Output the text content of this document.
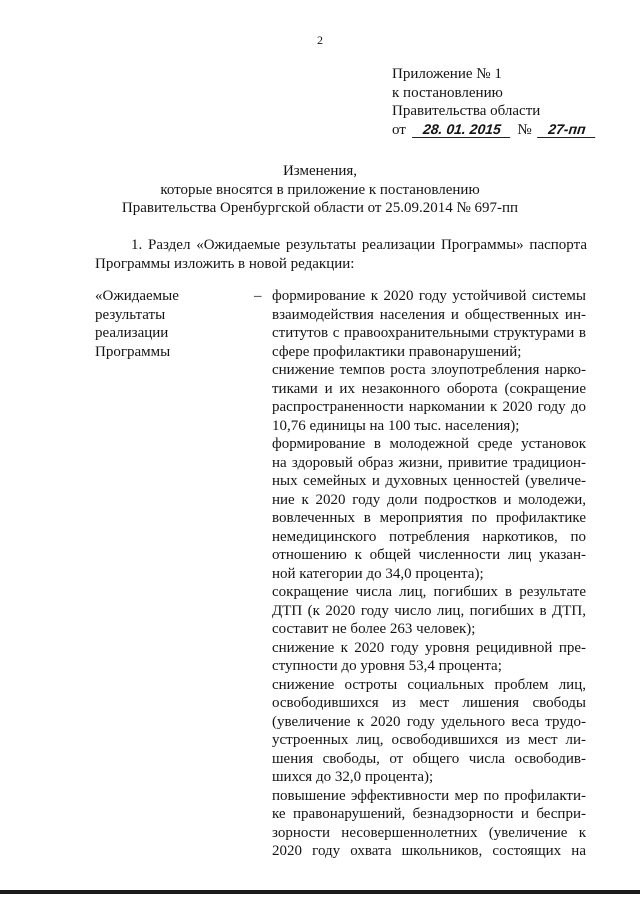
2
Приложение № 1
к постановлению
Правительства области
от 28. 01. 2015 № 27-пп
Изменения,
которые вносятся в приложение к постановлению
Правительства Оренбургской области от 25.09.2014 № 697-пп
1. Раздел «Ожидаемые результаты реализации Программы» паспорта
Программы изложить в новой редакции:
«Ожидаемые
результаты
реализации
Программы
– формирование к 2020 году устойчивой системы
взаимодействия населения и общественных ин-
ститутов с правоохранительными структурами в
сфере профилактики правонарушений;
снижение темпов роста злоупотребления нарко-
тиками и их незаконного оборота (сокращение
распространенности наркомании к 2020 году до
10,76 единицы на 100 тыс. населения);
формирование в молодежной среде установок
на здоровый образ жизни, привитие традицион-
ных семейных и духовных ценностей (увеличе-
ние к 2020 году доли подростков и молодежи,
вовлеченных в мероприятия по профилактике
немедицинского потребления наркотиков, по
отношению к общей численности лиц указан-
ной категории до 34,0 процента);
сокращение числа лиц, погибших в результате
ДТП (к 2020 году число лиц, погибших в ДТП,
составит не более 263 человек);
снижение к 2020 году уровня рецидивной пре-
ступности до уровня 53,4 процента;
снижение остроты социальных проблем лиц,
освободившихся из мест лишения свободы
(увеличение к 2020 году удельного веса трудо-
устроенных лиц, освободившихся из мест ли-
шения свободы, от общего числа освободив-
шихся до 32,0 процента);
повышение эффективности мер по профилакти-
ке правонарушений, безнадзорности и беспри-
зорности несовершеннолетних (увеличение к
2020 году охвата школьников, состоящих на
